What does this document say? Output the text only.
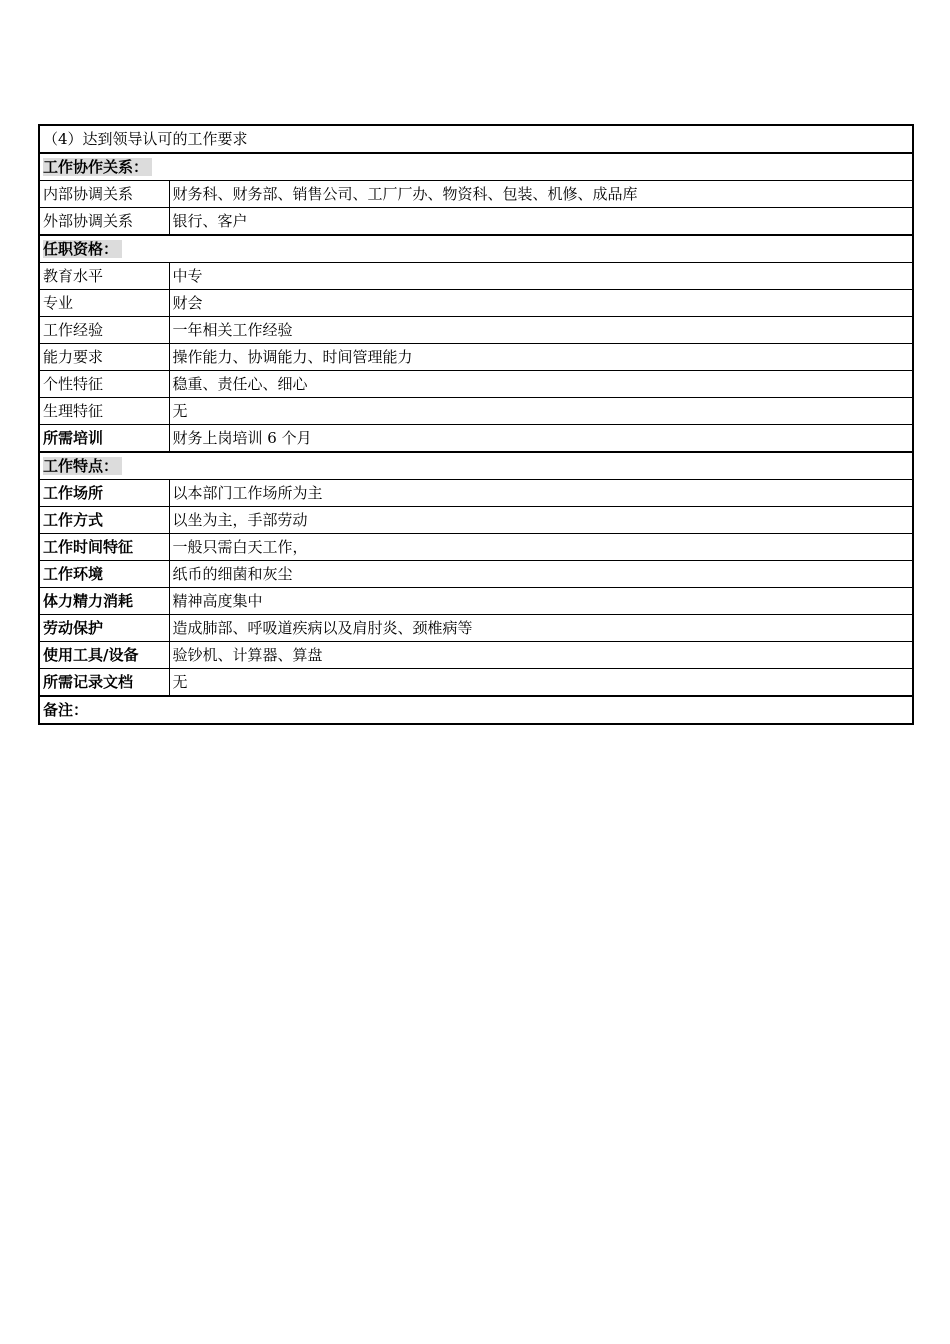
（4）达到领导认可的工作要求	
工作协作关系：	
内部协调关系	财务科、财务部、销售公司、工厂厂办、物资科、包装、机修、成品库
外部协调关系	银行、客户
任职资格：	
教育水平	中专
专业	财会
工作经验	一年相关工作经验
能力要求	操作能力、协调能力、时间管理能力
个性特征	稳重、责任心、细心
生理特征	无
所需培训	财务上岗培训 6 个月
工作特点：	
工作场所	以本部门工作场所为主
工作方式	以坐为主，手部劳动
工作时间特征	一般只需白天工作，
工作环境	纸币的细菌和灰尘
体力精力消耗	精神高度集中
劳动保护	造成肺部、呼吸道疾病以及肩肘炎、颈椎病等
使用工具/设备	验钞机、计算器、算盘
所需记录文档	无
备注：	
